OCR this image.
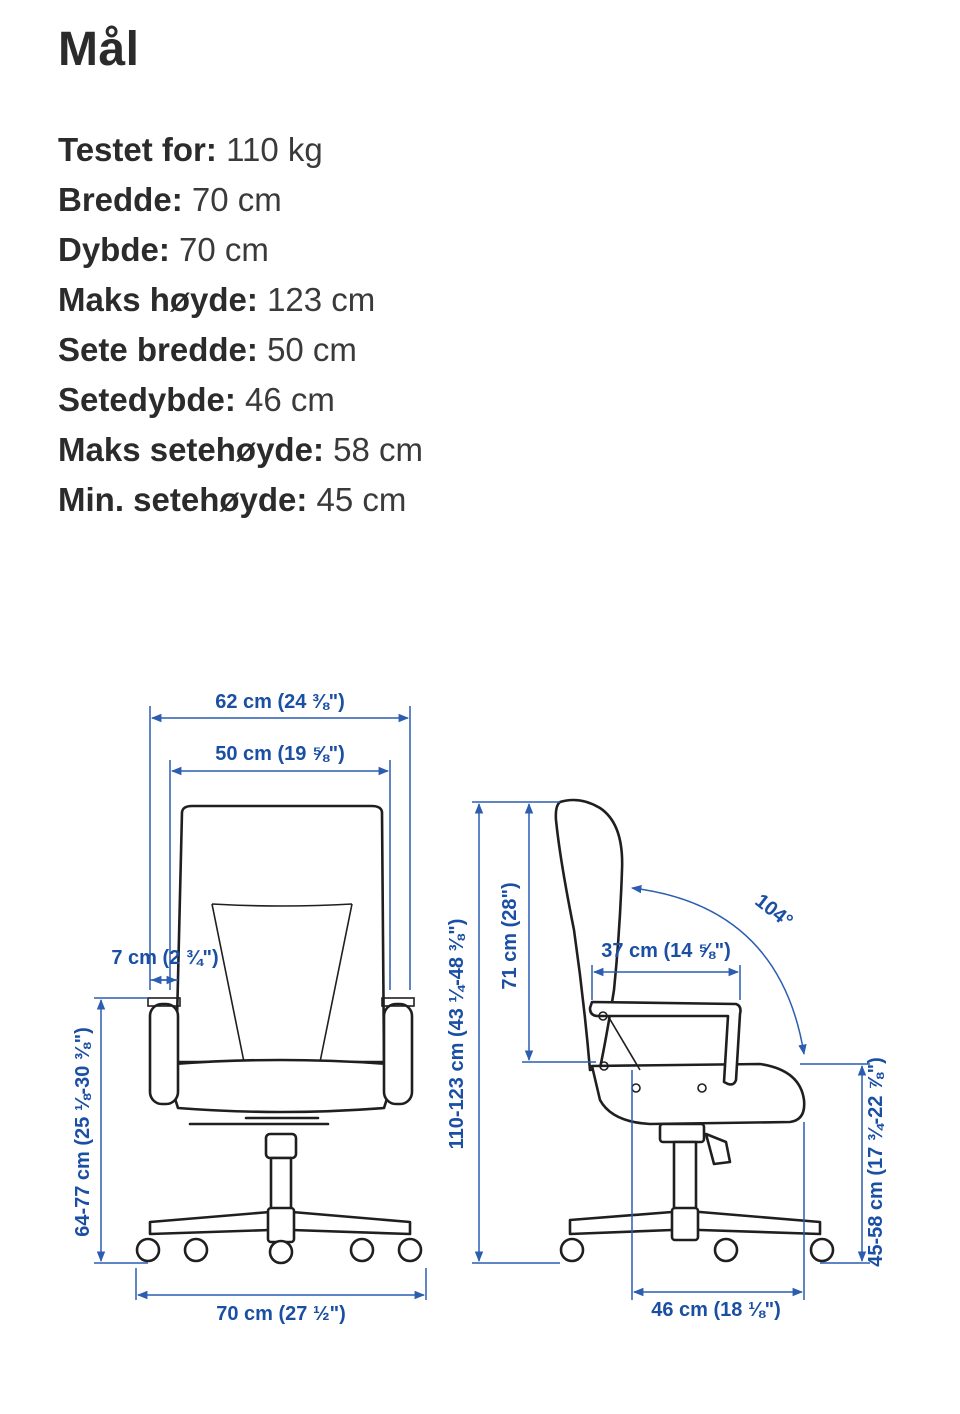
Mål
Testet for: 110 kg
Bredde: 70 cm
Dybde: 70 cm
Maks høyde: 123 cm
Sete bredde: 50 cm
Setedybde: 46 cm
Maks setehøyde: 58 cm
Min. setehøyde: 45 cm
62 cm (24 ⅜")
50 cm (19 ⅝")
7 cm (2 ¾")
64-77 cm (25 ⅛-30 ⅜")
70 cm (27 ½")
110-123 cm (43 ¼-48 ⅜") 71 cm (28")	37 cm (14 ⅝")
104°
45-58 cm (17 ¾-22 ⅞")
46 cm (18 ⅛")
